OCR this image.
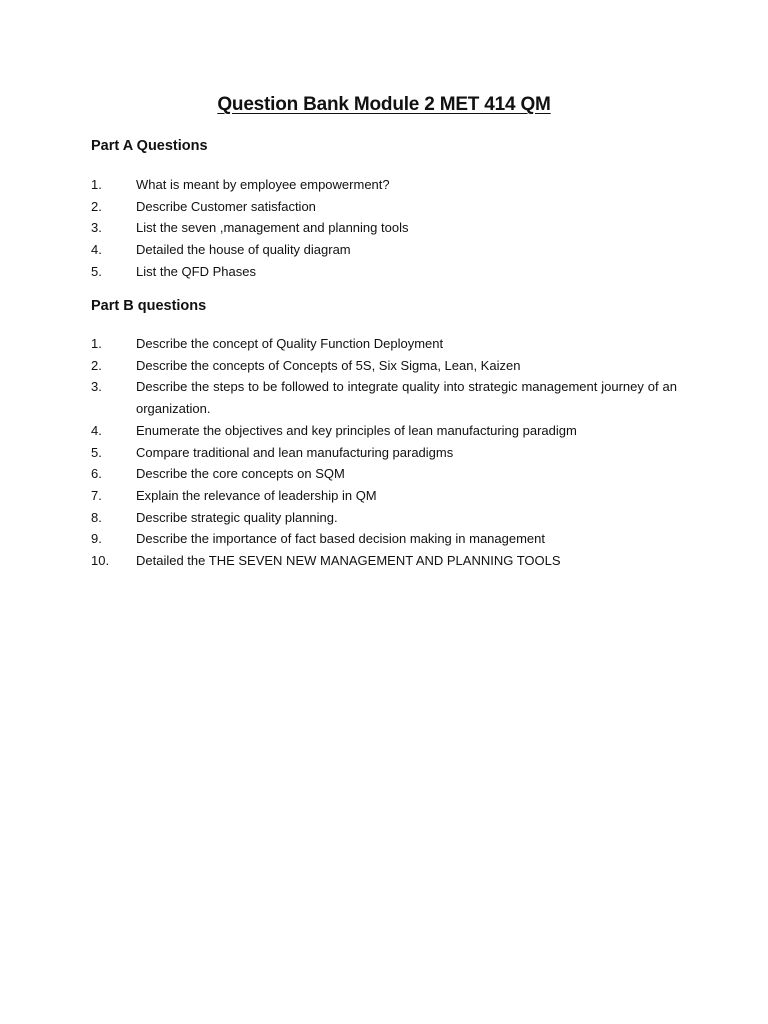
Question Bank Module 2 MET 414 QM
Part A Questions
1.	What is meant by employee empowerment?
2.	Describe Customer satisfaction
3.	List the seven ,management and planning tools
4.	Detailed the house of quality diagram
5.	List the QFD Phases
Part B questions
1.	Describe the concept of Quality Function Deployment
2.	Describe the concepts of Concepts of 5S, Six Sigma, Lean, Kaizen
3.	Describe the steps to be followed to integrate quality into strategic management journey of an organization.
4.	Enumerate the objectives and key principles of lean manufacturing paradigm
5.	Compare traditional and lean manufacturing paradigms
6.	Describe the core concepts on SQM
7.	Explain the relevance of leadership in QM
8.	Describe strategic quality planning.
9.	Describe the importance of fact based decision making in management
10.	Detailed the THE SEVEN NEW MANAGEMENT AND PLANNING TOOLS
